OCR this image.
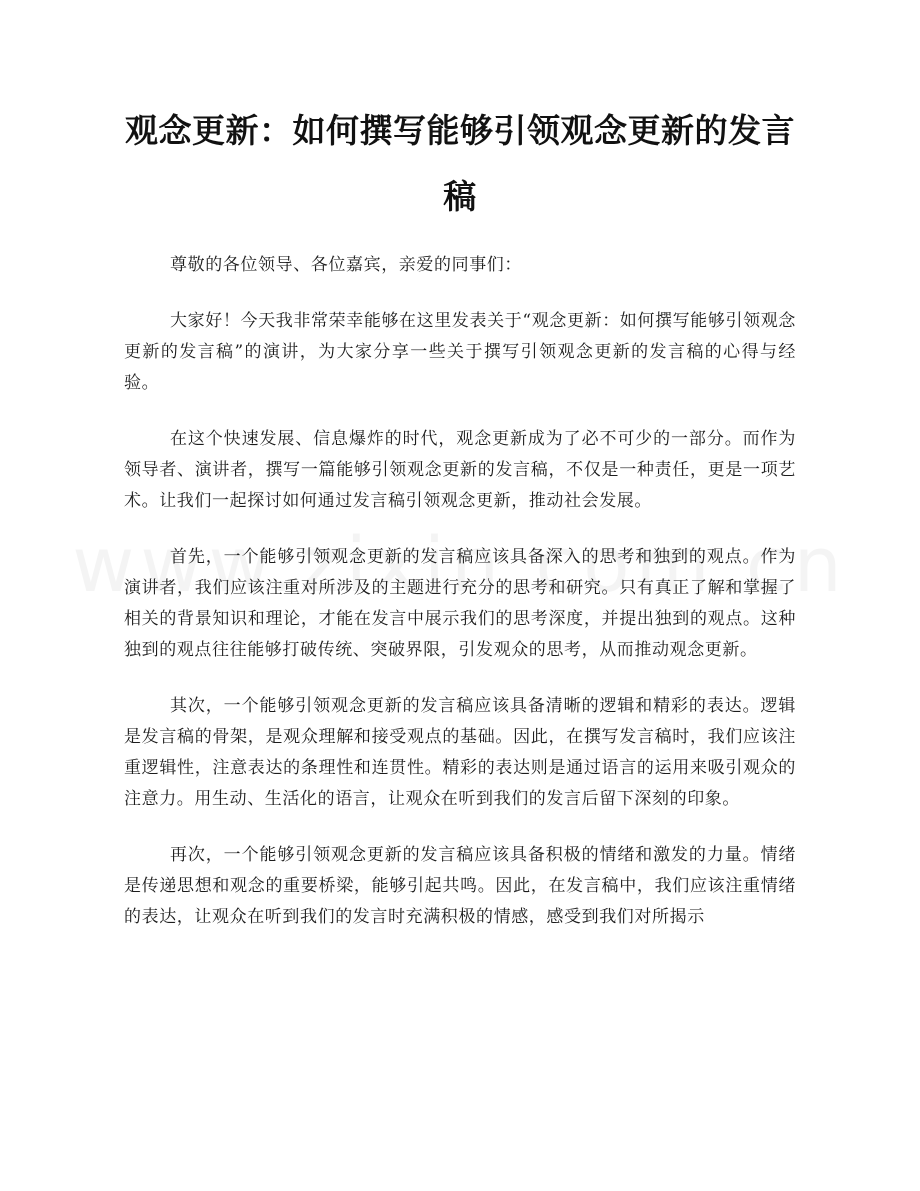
观念更新：如何撰写能够引领观念更新的发言稿

尊敬的各位领导、各位嘉宾，亲爱的同事们：

大家好！今天我非常荣幸能够在这里发表关于“观念更新：如何撰写能够引领观念更新的发言稿”的演讲，为大家分享一些关于撰写引领观念更新的发言稿的心得与经验。

在这个快速发展、信息爆炸的时代，观念更新成为了必不可少的一部分。而作为领导者、演讲者，撰写一篇能够引领观念更新的发言稿，不仅是一种责任，更是一项艺术。让我们一起探讨如何通过发言稿引领观念更新，推动社会发展。

首先，一个能够引领观念更新的发言稿应该具备深入的思考和独到的观点。作为演讲者，我们应该注重对所涉及的主题进行充分的思考和研究。只有真正了解和掌握了相关的背景知识和理论，才能在发言中展示我们的思考深度，并提出独到的观点。这种独到的观点往往能够打破传统、突破界限，引发观众的思考，从而推动观念更新。

其次，一个能够引领观念更新的发言稿应该具备清晰的逻辑和精彩的表达。逻辑是发言稿的骨架，是观众理解和接受观点的基础。因此，在撰写发言稿时，我们应该注重逻辑性，注意表达的条理性和连贯性。精彩的表达则是通过语言的运用来吸引观众的注意力。用生动、生活化的语言，让观众在听到我们的发言后留下深刻的印象。

再次，一个能够引领观念更新的发言稿应该具备积极的情绪和激发的力量。情绪是传递思想和观念的重要桥梁，能够引起共鸣。因此，在发言稿中，我们应该注重情绪的表达，让观众在听到我们的发言时充满积极的情感，感受到我们对所揭示
